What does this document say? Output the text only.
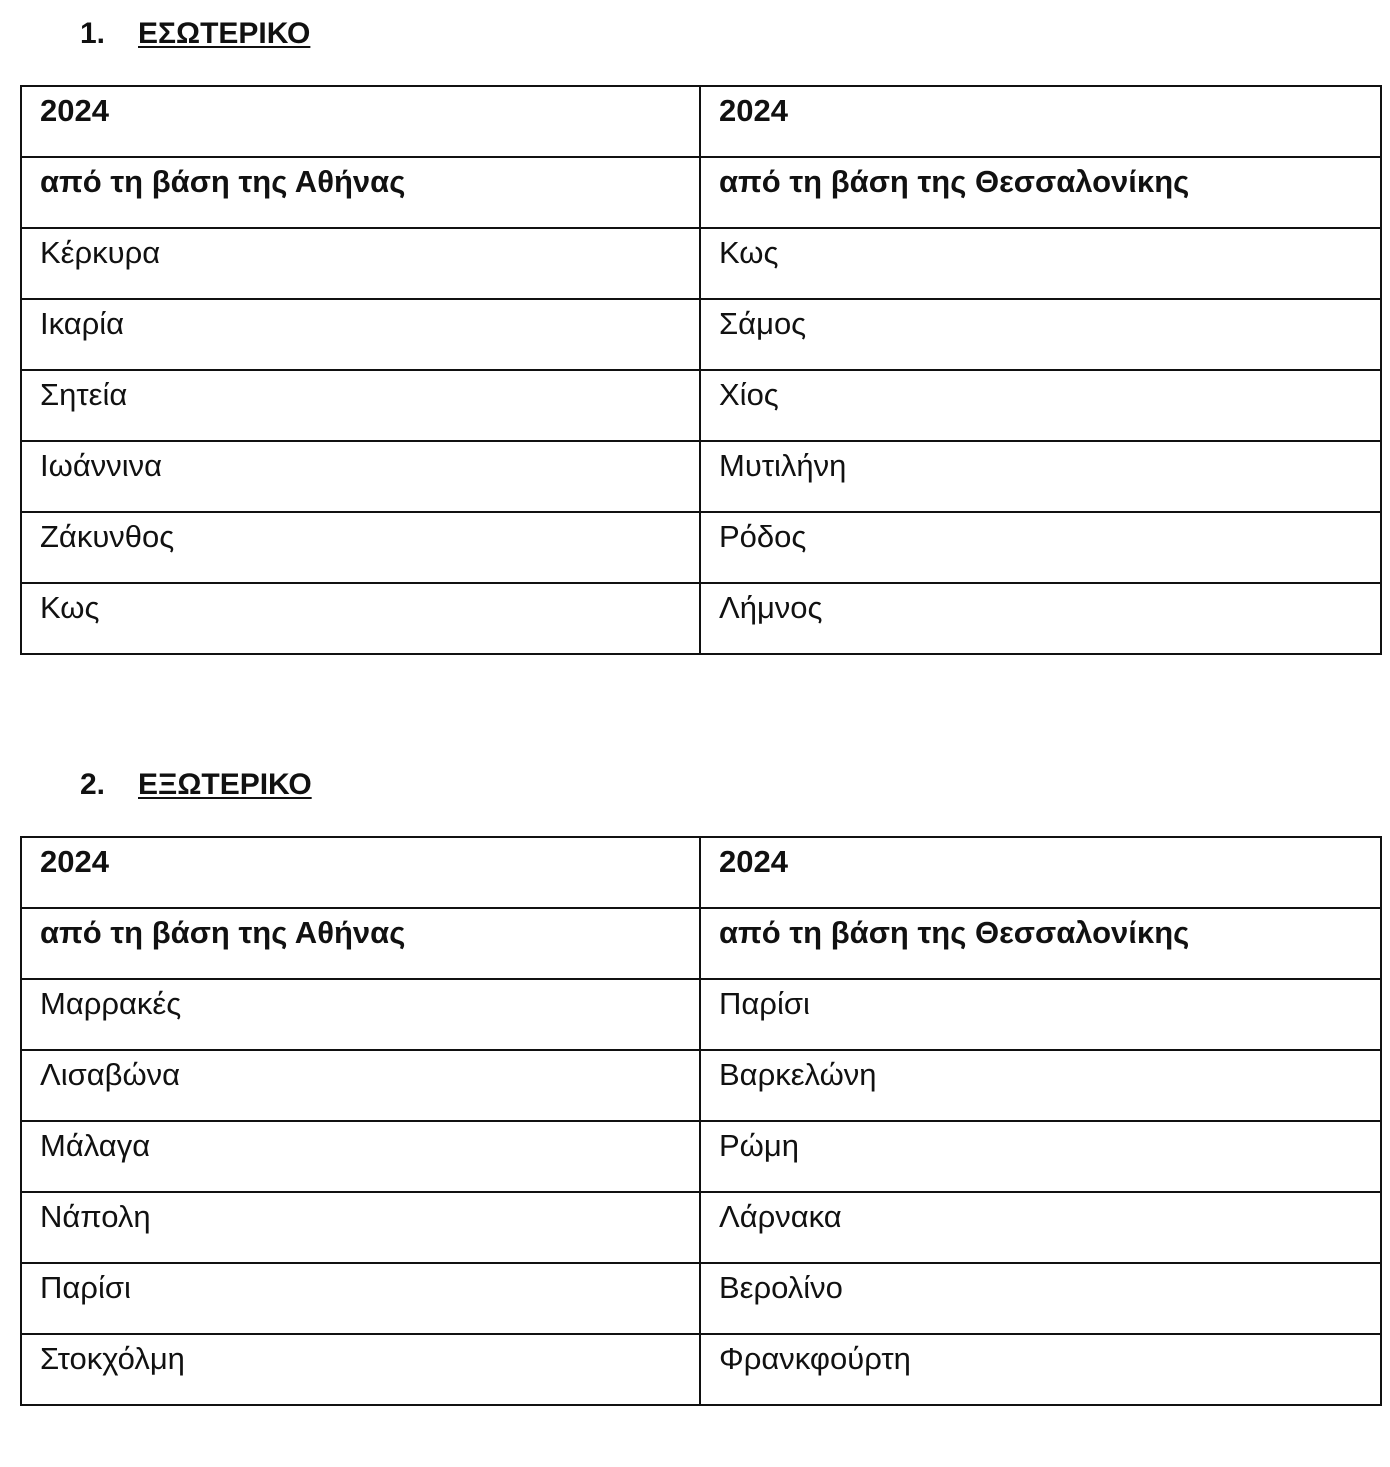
1. ΕΣΩΤΕΡΙΚΟ
2024	2024
από τη βάση της Αθήνας	από τη βάση της Θεσσαλονίκης
Κέρκυρα	Κως
Ικαρία	Σάμος
Σητεία	Χίος
Ιωάννινα	Μυτιλήνη
Ζάκυνθος	Ρόδος
Κως	Λήμνος
2. ΕΞΩΤΕΡΙΚΟ
2024	2024
από τη βάση της Αθήνας	από τη βάση της Θεσσαλονίκης
Μαρρακές	Παρίσι
Λισαβώνα	Βαρκελώνη
Μάλαγα	Ρώμη
Νάπολη	Λάρνακα
Παρίσι	Βερολίνο
Στοκχόλμη	Φρανκφούρτη
